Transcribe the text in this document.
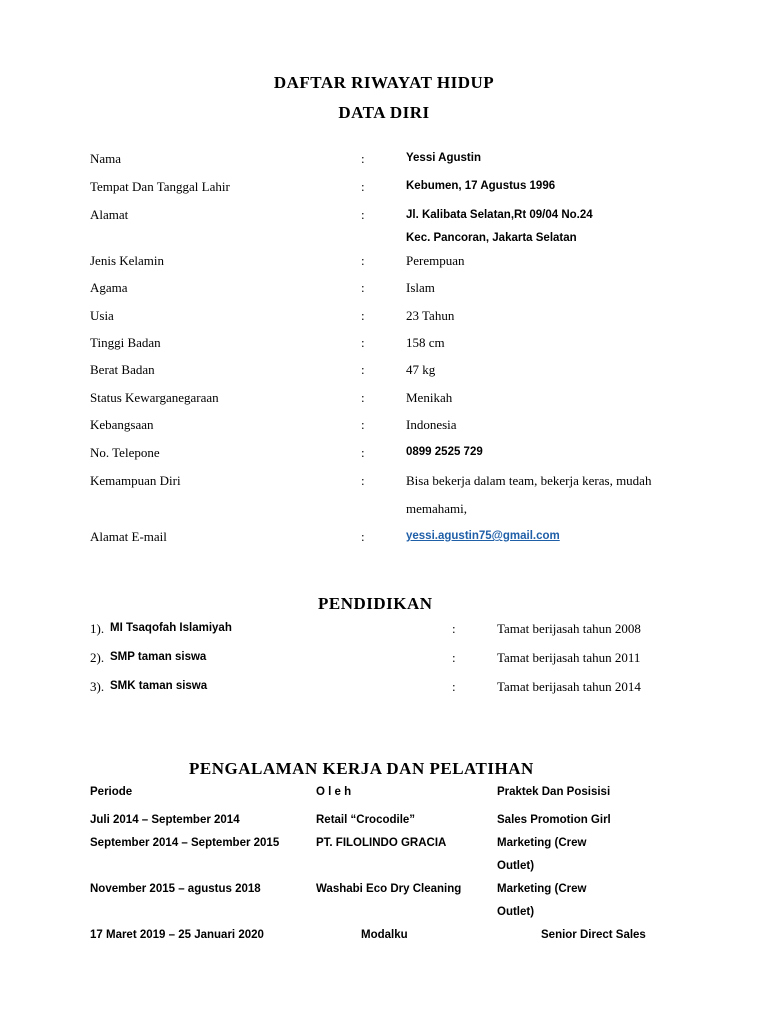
DAFTAR RIWAYAT HIDUP
DATA DIRI
Nama	:	Yessi Agustin
Tempat Dan Tanggal Lahir	:	Kebumen, 17 Agustus 1996
Alamat	:	Jl. Kalibata Selatan,Rt 09/04 No.24
Kec. Pancoran, Jakarta Selatan
Jenis Kelamin	:	Perempuan
Agama	:	Islam
Usia	:	23 Tahun
Tinggi Badan	:	158 cm
Berat Badan	:	47 kg
Status Kewarganegaraan	:	Menikah
Kebangsaan	:	Indonesia
No. Telepone	:	0899 2525 729
Kemampuan Diri	:	Bisa bekerja dalam team, bekerja keras, mudah
memahami,
Alamat E-mail	:	yessi.agustin75@gmail.com
PENDIDIKAN
1). MI Tsaqofah Islamiyah	:	Tamat berijasah tahun 2008
2). SMP taman siswa	:	Tamat berijasah tahun 2011
3). SMK taman siswa	:	Tamat berijasah tahun 2014
PENGALAMAN KERJA DAN PELATIHAN
Periode	O l e h	Praktek Dan Posisisi
Juli 2014 – September 2014	Retail “Crocodile”	Sales Promotion Girl
September 2014 – September 2015	PT. FILOLINDO GRACIA	Marketing (Crew
Outlet)
November 2015 – agustus 2018	Washabi Eco Dry Cleaning	Marketing (Crew
Outlet)
17 Maret 2019 – 25 Januari 2020	Modalku	Senior Direct Sales
